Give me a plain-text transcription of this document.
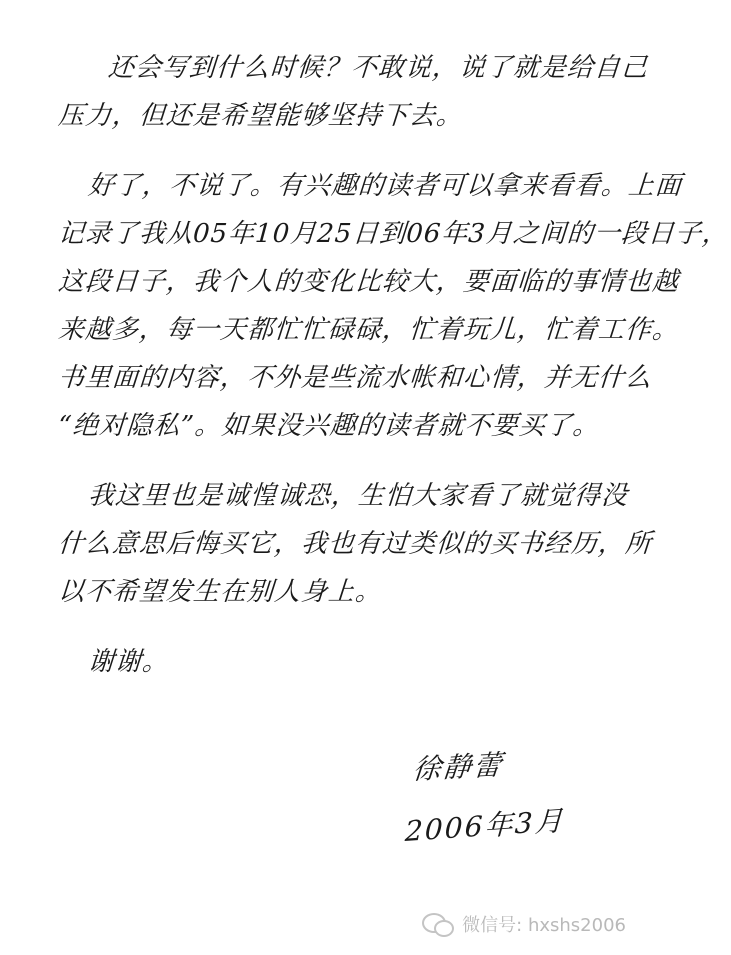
还会写到什么时候？不敢说，说了就是给自己
压力，但还是希望能够坚持下去。
好了，不说了。有兴趣的读者可以拿来看看。上面
记录了我从05年10月25日到06年3月之间的一段日子，
这段日子，我个人的变化比较大，要面临的事情也越
来越多，每一天都忙忙碌碌，忙着玩儿，忙着工作。
书里面的内容，不外是些流水帐和心情，并无什么
“绝对隐私”。如果没兴趣的读者就不要买了。
我这里也是诚惶诚恐，生怕大家看了就觉得没
什么意思后悔买它，我也有过类似的买书经历，所
以不希望发生在别人身上。
谢谢。
徐静蕾
2006年3月
微信号: hxshs2006
